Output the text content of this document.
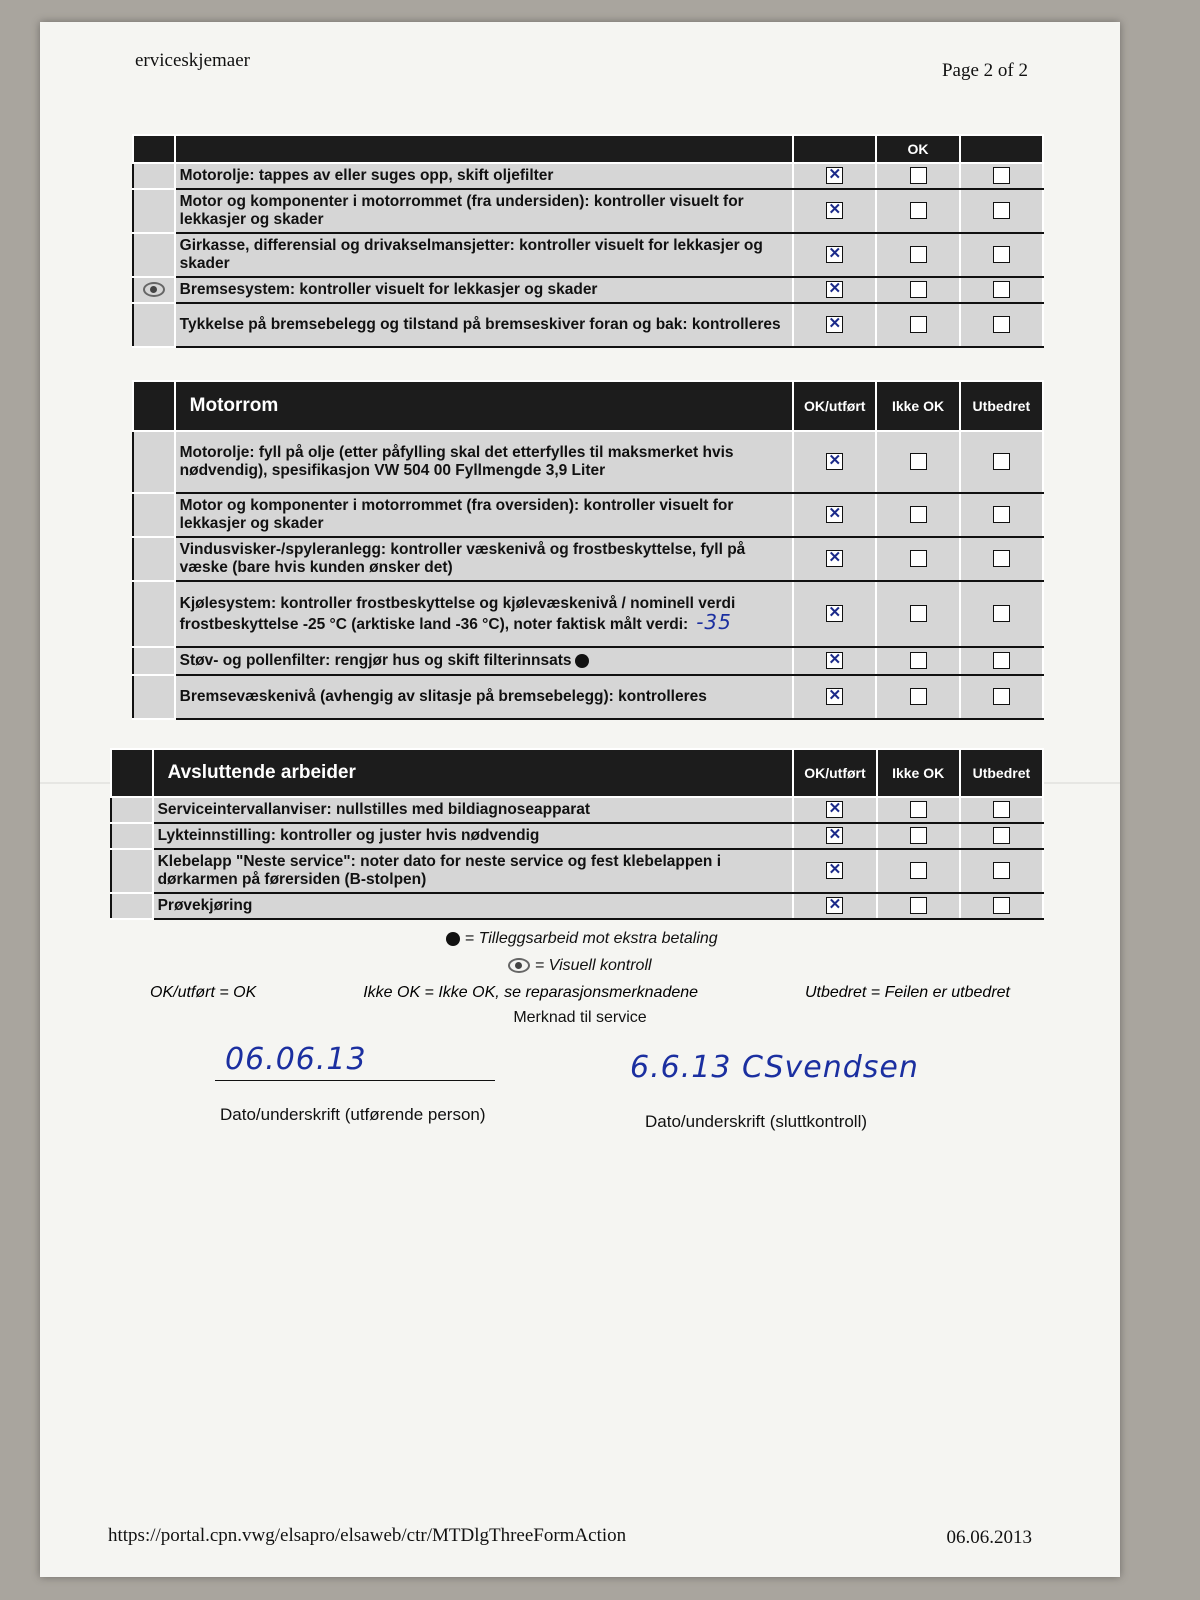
erviceskjemaer	Page 2 of 2
			OK	
	Motorolje: tappes av eller suges opp, skift oljefilter	✕		
	Motor og komponenter i motorrommet (fra undersiden): kontroller visuelt for lekkasjer og skader	✕		
	Girkasse, differensial og drivakselmansjetter: kontroller visuelt for lekkasjer og skader	✕		
	Bremsesystem: kontroller visuelt for lekkasjer og skader	✕		
	Tykkelse på bremsebelegg og tilstand på bremseskiver foran og bak: kontrolleres	✕		
	Motorrom	OK/utført	Ikke OK	Utbedret
	Motorolje: fyll på olje (etter påfylling skal det etterfylles til maksmerket hvis nødvendig), spesifikasjon VW 504 00 Fyllmengde 3,9 Liter	✕		
	Motor og komponenter i motorrommet (fra oversiden): kontroller visuelt for lekkasjer og skader	✕		
	Vindusvisker-/spyleranlegg: kontroller væskenivå og frostbeskyttelse, fyll på væske (bare hvis kunden ønsker det)	✕		
	Kjølesystem: kontroller frostbeskyttelse og kjølevæskenivå / nominell verdi frostbeskyttelse -25 °C (arktiske land -36 °C), noter faktisk målt verdi: -35	✕		
	Støv- og pollenfilter: rengjør hus og skift filterinnsats	✕		
	Bremsevæskenivå (avhengig av slitasje på bremsebelegg): kontrolleres	✕		
	Avsluttende arbeider	OK/utført	Ikke OK	Utbedret
	Serviceintervallanviser: nullstilles med bildiagnoseapparat	✕		
	Lykteinnstilling: kontroller og juster hvis nødvendig	✕		
	Klebelapp "Neste service": noter dato for neste service og fest klebelappen i dørkarmen på førersiden (B-stolpen)	✕		
	Prøvekjøring	✕		
= Tilleggsarbeid mot ekstra betaling
= Visuell kontroll
OK/utført = OK	Ikke OK = Ikke OK, se reparasjonsmerknadene	Utbedret = Feilen er utbedret
Merknad til service
06.06.13
Dato/underskrift (utførende person)
6.6.13 CSvendsen
Dato/underskrift (sluttkontroll)
https://portal.cpn.vwg/elsapro/elsaweb/ctr/MTDlgThreeFormAction	06.06.2013
